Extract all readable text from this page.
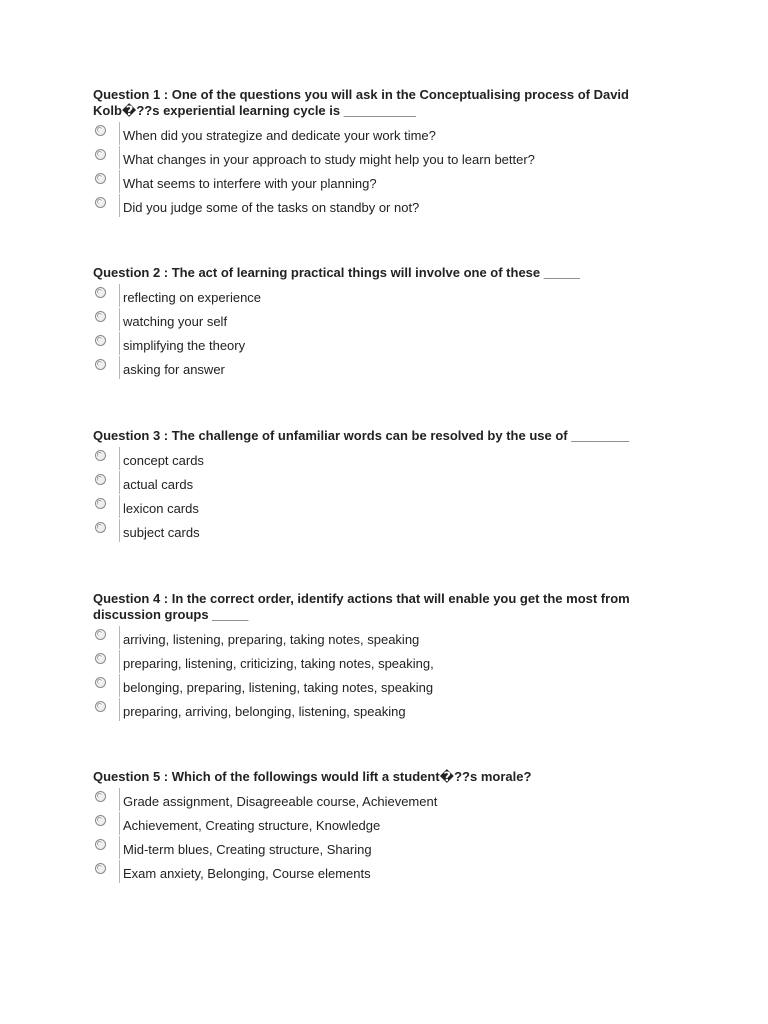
Question 1 : One of the questions you will ask in the Conceptualising process of David Kolb�??s experiential learning cycle is __________
When did you strategize and dedicate your work time?
What changes in your approach to study might help you to learn better?
What seems to interfere with your planning?
Did you judge some of the tasks on standby or not?
Question 2 : The act of learning practical things will involve one of these _____
reflecting on experience
watching your self
simplifying the theory
asking for answer
Question 3 : The challenge of unfamiliar words can be resolved by the use of ________
concept cards
actual cards
lexicon cards
subject cards
Question 4 : In the correct order, identify actions that will enable you get the most from discussion groups _____
arriving, listening, preparing, taking notes, speaking
preparing, listening, criticizing, taking notes, speaking,
belonging, preparing, listening, taking notes, speaking
preparing, arriving, belonging, listening, speaking
Question 5 : Which of the followings would lift a student�??s morale?
Grade assignment, Disagreeable course, Achievement
Achievement, Creating structure, Knowledge
Mid-term blues, Creating structure, Sharing
Exam anxiety, Belonging, Course elements
